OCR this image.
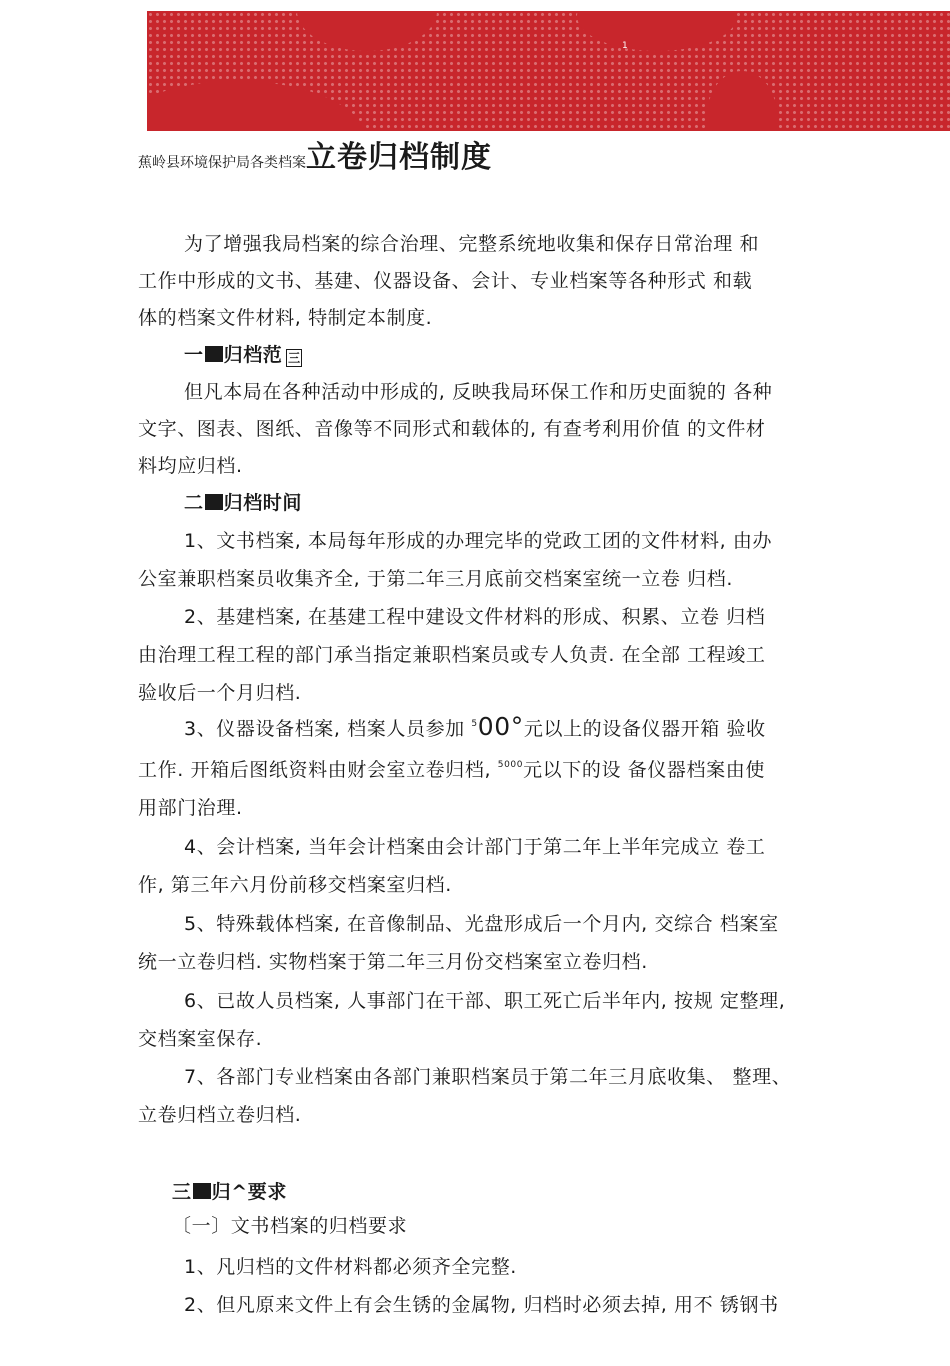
1
蕉岭县环境保护局各类档案立卷归档制度
为了增强我局档案的综合治理、完整系统地收集和保存日常治理 和
工作中形成的文书、基建、仪器设备、会计、专业档案等各种形式 和载
体的档案文件材料, 特制定本制度.
一 归档范 三
但凡本局在各种活动中形成的, 反映我局环保工作和历史面貌的 各种
文字、图表、图纸、音像等不同形式和载体的, 有查考利用价值 的文件材
料均应归档.
二 归档时间
1、文书档案, 本局每年形成的办理完毕的党政工团的文件材料, 由办
公室兼职档案员收集齐全, 于第二年三月底前交档案室统一立卷 归档.
2、基建档案, 在基建工程中建设文件材料的形成、积累、立卷 归档
由治理工程工程的部门承当指定兼职档案员或专人负责. 在全部 工程竣工
验收后一个月归档.
3、仪器设备档案, 档案人员参加 $^5$00°元以上的设备仪器开箱 验收
工作. 开箱后图纸资料由财会室立卷归档, $^{5000}$元以下的设 备仪器档案由使
用部门治理.
4、会计档案, 当年会计档案由会计部门于第二年上半年完成立 卷工
作, 第三年六月份前移交档案室归档.
5、特殊载体档案, 在音像制品、光盘形成后一个月内, 交综合 档案室
统一立卷归档. 实物档案于第二年三月份交档案室立卷归档.
6、已故人员档案, 人事部门在干部、职工死亡后半年内, 按规 定整理,
交档案室保存.
7、各部门专业档案由各部门兼职档案员于第二年三月底收集、 整理、
立卷归档立卷归档.
三 归^要求
〔一〕文书档案的归档要求
1、凡归档的文件材料都必须齐全完整.
2、但凡原来文件上有会生锈的金属物, 归档时必须去掉, 用不 锈钢书
